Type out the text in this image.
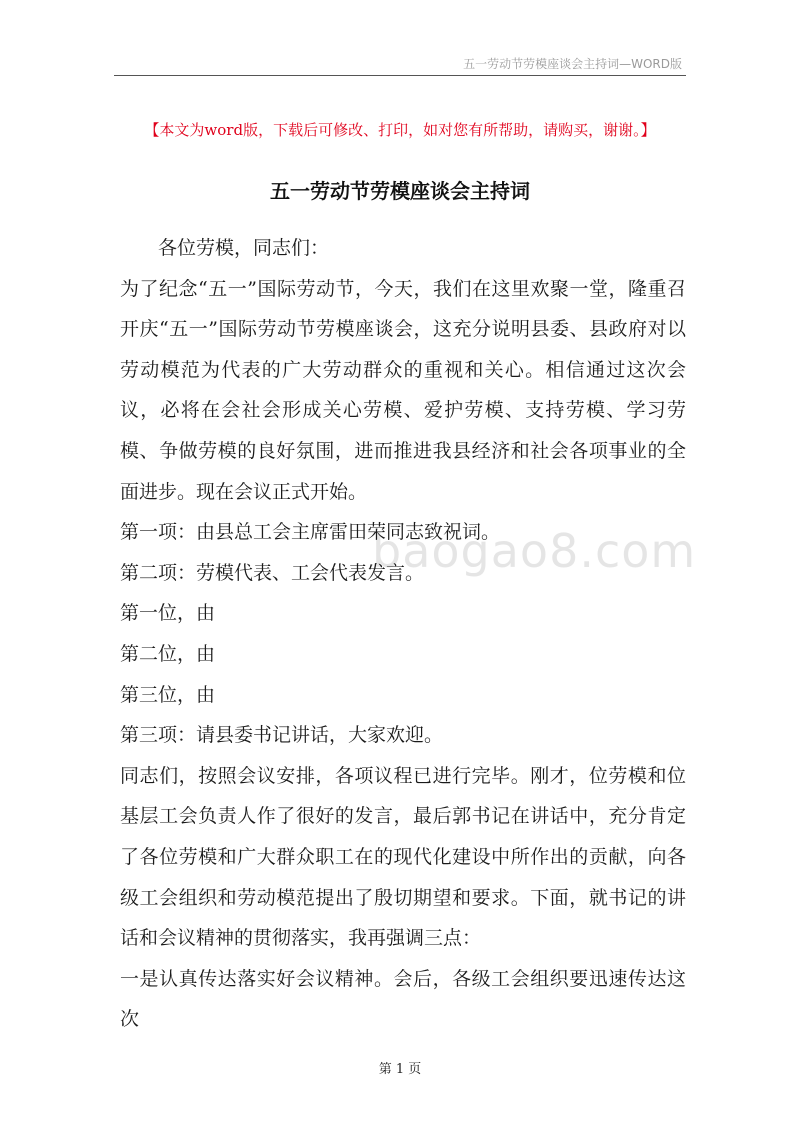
五一劳动节劳模座谈会主持词—WORD版
【本文为word版，下载后可修改、打印，如对您有所帮助，请购买，谢谢。】
五一劳动节劳模座谈会主持词

各位劳模，同志们：

为了纪念“五一”国际劳动节，今天，我们在这里欢聚一堂，隆重召开庆“五一”国际劳动节劳模座谈会，这充分说明县委、县政府对以劳动模范为代表的广大劳动群众的重视和关心。相信通过这次会议，必将在会社会形成关心劳模、爱护劳模、支持劳模、学习劳模、争做劳模的良好氛围，进而推进我县经济和社会各项事业的全面进步。现在会议正式开始。

第一项：由县总工会主席雷田荣同志致祝词。

第二项：劳模代表、工会代表发言。

第一位，由

第二位，由

第三位，由

第三项：请县委书记讲话，大家欢迎。

同志们，按照会议安排，各项议程已进行完毕。刚才，位劳模和位基层工会负责人作了很好的发言，最后郭书记在讲话中，充分肯定了各位劳模和广大群众职工在的现代化建设中所作出的贡献，向各级工会组织和劳动模范提出了殷切期望和要求。下面，就书记的讲话和会议精神的贯彻落实，我再强调三点：

一是认真传达落实好会议精神。会后，各级工会组织要迅速传达这次

baogao8.com
第 1 页
